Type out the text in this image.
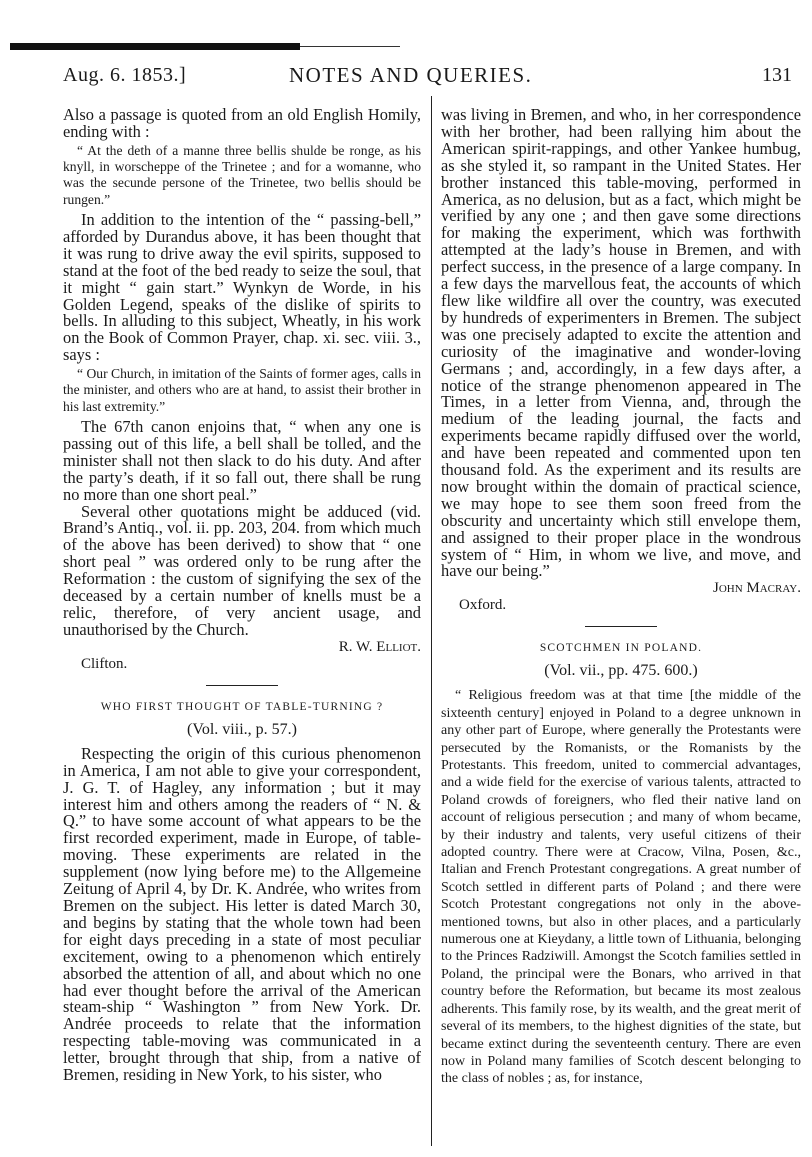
Aug. 6. 1853.]	NOTES AND QUERIES.	131

Also a passage is quoted from an old English Homily, ending with :

“ At the deth of a manne three bellis shulde be ronge, as his knyll, in worscheppe of the Trinetee ; and for a womanne, who was the secunde persone of the Trinetee, two bellis should be rungen.”

In addition to the intention of the “ passing-bell,” afforded by Durandus above, it has been thought that it was rung to drive away the evil spirits, supposed to stand at the foot of the bed ready to seize the soul, that it might “ gain start.” Wynkyn de Worde, in his Golden Legend, speaks of the dislike of spirits to bells. In alluding to this subject, Wheatly, in his work on the Book of Common Prayer, chap. xi. sec. viii. 3., says :

“ Our Church, in imitation of the Saints of former ages, calls in the minister, and others who are at hand, to assist their brother in his last extremity.”

The 67th canon enjoins that, “ when any one is passing out of this life, a bell shall be tolled, and the minister shall not then slack to do his duty. And after the party’s death, if it so fall out, there shall be rung no more than one short peal.”

Several other quotations might be adduced (vid. Brand’s Antiq., vol. ii. pp. 203, 204. from which much of the above has been derived) to show that “ one short peal ” was ordered only to be rung after the Reformation : the custom of signifying the sex of the deceased by a certain number of knells must be a relic, therefore, of very ancient usage, and unauthorised by the Church.

R. W. Elliot.

Clifton.

WHO FIRST THOUGHT OF TABLE-TURNING ?

(Vol. viii., p. 57.)

Respecting the origin of this curious phenomenon in America, I am not able to give your correspondent, J. G. T. of Hagley, any information ; but it may interest him and others among the readers of “ N. & Q.” to have some account of what appears to be the first recorded experiment, made in Europe, of table-moving. These experiments are related in the supplement (now lying before me) to the Allgemeine Zeitung of April 4, by Dr. K. Andrée, who writes from Bremen on the subject. His letter is dated March 30, and begins by stating that the whole town had been for eight days preceding in a state of most peculiar excitement, owing to a phenomenon which entirely absorbed the attention of all, and about which no one had ever thought before the arrival of the American steam-ship “ Washington ” from New York. Dr. Andrée proceeds to relate that the information respecting table-moving was communicated in a letter, brought through that ship, from a native of Bremen, residing in New York, to his sister, who

was living in Bremen, and who, in her correspondence with her brother, had been rallying him about the American spirit-rappings, and other Yankee humbug, as she styled it, so rampant in the United States. Her brother instanced this table-moving, performed in America, as no delusion, but as a fact, which might be verified by any one ; and then gave some directions for making the experiment, which was forthwith attempted at the lady’s house in Bremen, and with perfect success, in the presence of a large company. In a few days the marvellous feat, the accounts of which flew like wildfire all over the country, was executed by hundreds of experimenters in Bremen. The subject was one precisely adapted to excite the attention and curiosity of the imaginative and wonder-loving Germans ; and, accordingly, in a few days after, a notice of the strange phenomenon appeared in The Times, in a letter from Vienna, and, through the medium of the leading journal, the facts and experiments became rapidly diffused over the world, and have been repeated and commented upon ten thousand fold. As the experiment and its results are now brought within the domain of practical science, we may hope to see them soon freed from the obscurity and uncertainty which still envelope them, and assigned to their proper place in the wondrous system of “ Him, in whom we live, and move, and have our being.”

John Macray.

Oxford.

SCOTCHMEN IN POLAND.

(Vol. vii., pp. 475. 600.)

“ Religious freedom was at that time [the middle of the sixteenth century] enjoyed in Poland to a degree unknown in any other part of Europe, where generally the Protestants were persecuted by the Romanists, or the Romanists by the Protestants. This freedom, united to commercial advantages, and a wide field for the exercise of various talents, attracted to Poland crowds of foreigners, who fled their native land on account of religious persecution ; and many of whom became, by their industry and talents, very useful citizens of their adopted country. There were at Cracow, Vilna, Posen, &c., Italian and French Protestant congregations. A great number of Scotch settled in different parts of Poland ; and there were Scotch Protestant congregations not only in the above-mentioned towns, but also in other places, and a particularly numerous one at Kieydany, a little town of Lithuania, belonging to the Princes Radziwill. Amongst the Scotch families settled in Poland, the principal were the Bonars, who arrived in that country before the Reformation, but became its most zealous adherents. This family rose, by its wealth, and the great merit of several of its members, to the highest dignities of the state, but became extinct during the seventeenth century. There are even now in Poland many families of Scotch descent belonging to the class of nobles ; as, for instance,
